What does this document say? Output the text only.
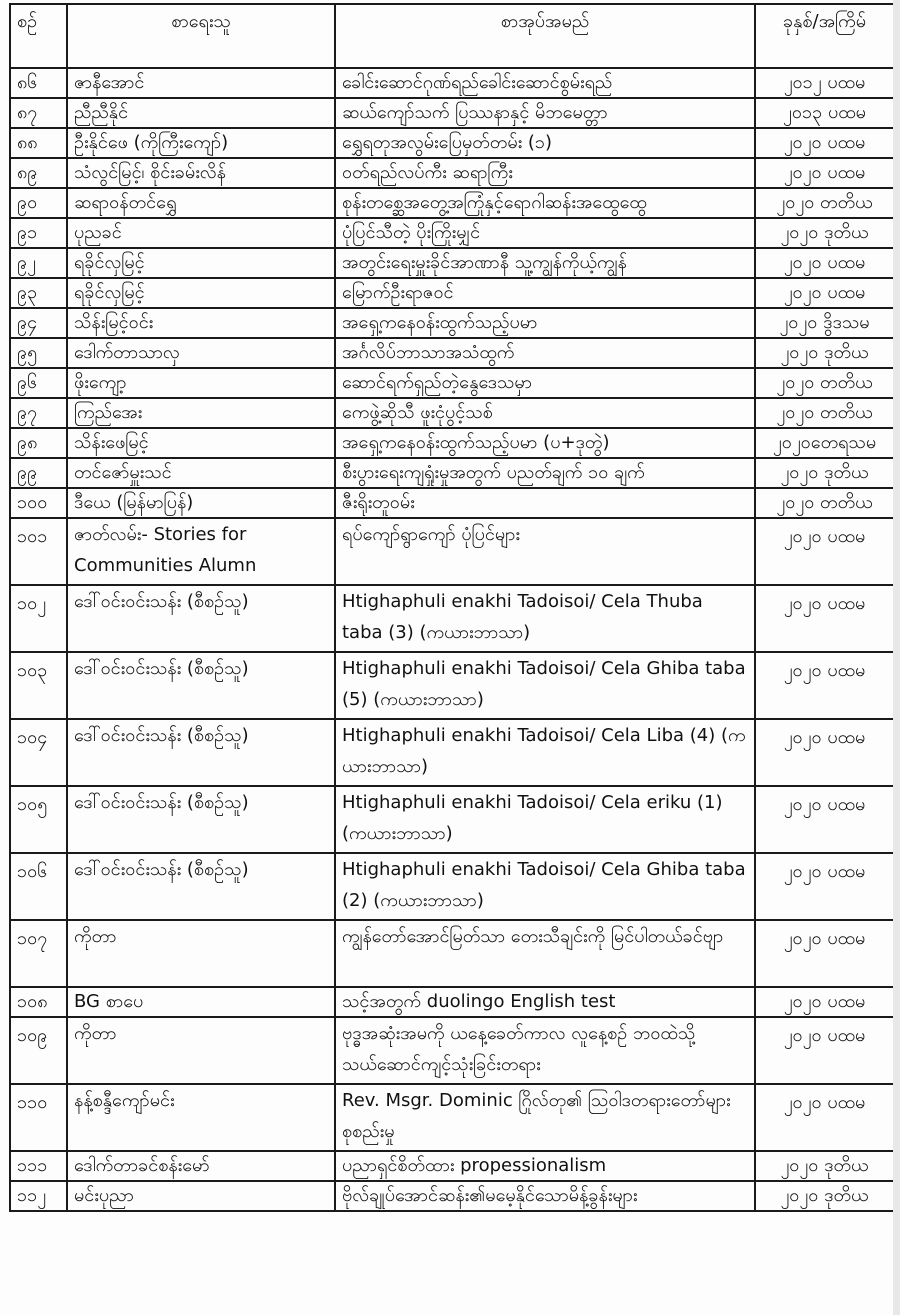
စဉ်	စာရေးသူ	စာအုပ်အမည်	ခုနှစ်/အကြိမ်
၈၆	ဇာနီအောင်	ခေါင်းဆောင်ဂုဏ်ရည်ခေါင်းဆောင်စွမ်းရည်	၂၀၁၂ ပထမ
၈၇	ညီညီနိုင်	ဆယ်ကျော်သက် ပြဿနာနှင့် မိဘမေတ္တာ	၂၀၁၃ ပထမ
၈၈	ဦးနိုင်ဖေ (ကိုကြီးကျော်)	ရွှေရတုအလွမ်းပြေမှတ်တမ်း (၁)	၂၀၂၀ ပထမ
၈၉	သံလွင်မြင့်၊ စိုင်းခမ်းလိန်	ဝတ်ရည်လပ်ကီး ဆရာကြီး	၂၀၂၀ ပထမ
၉၀	ဆရာဝန်တင်ရွှေ	စုန်းတစ္ဆေအတွေ့အကြုံနှင့်ရောဂါဆန်းအထွေထွေ	၂၀၂၀ တတိယ
၉၁	ပုညခင်	ပုံပြင်သီတဲ့ ပိုးကြိုးမျှင်	၂၀၂၀ ဒုတိယ
၉၂	ရခိုင်လှမြင့်	အတွင်းရေးမှူးခိုင်အာဏာနီ သူ့ကျွန်ကိုယ့်ကျွန်	၂၀၂၀ ပထမ
၉၃	ရခိုင်လှမြင့်	မြောက်ဦးရာဇဝင်	၂၀၂၀ ပထမ
၉၄	သိန်းမြင့်ဝင်း	အရှေ့ကနေဝန်းထွက်သည့်ပမာ	၂၀၂၀ ဒွိဒသမ
၉၅	ဒေါက်တာသာလှ	အင်္ဂလိပ်ဘာသာအသံထွက်	၂၀၂၀ ဒုတိယ
၉၆	ဖိုးကျော့	ဆောင်ရက်ရှည်တဲ့နွေဒေသမှာ	၂၀၂၀ တတိယ
၉၇	ကြည်အေး	ကေဖွဲ့ဆိုသီ ဖူးငုံပွင့်သစ်	၂၀၂၀ တတိယ
၉၈	သိန်းဖေမြင့်	အရှေ့ကနေဝန်းထွက်သည့်ပမာ (ပ+ဒုတွဲ)	၂၀၂၀တေရသမ
၉၉	တင်ဇော်မှူးသင်	စီးပွားရေးကျရှုံးမှုအတွက် ပညတ်ချက် ၁၀ ချက်	၂၀၂၀ ဒုတိယ
၁၀၀	ဒီယေ (မြန်မာပြန်)	ဇီးရိုးတူဝမ်း	၂၀၂၀ တတိယ
၁၀၁	ဇာတ်လမ်း- Stories for Communities Alumn	ရပ်ကျော်ရွာကျော် ပုံပြင်များ	၂၀၂၀ ပထမ
၁၀၂	ဒေါ်ဝင်းဝင်းသန်း (စီစဉ်သူ)	Htighaphuli enakhi Tadoisoi/ Cela Thuba taba (3) (ကယားဘာသာ)	၂၀၂၀ ပထမ
၁၀၃	ဒေါ်ဝင်းဝင်းသန်း (စီစဉ်သူ)	Htighaphuli enakhi Tadoisoi/ Cela Ghiba taba (5) (ကယားဘာသာ)	၂၀၂၀ ပထမ
၁၀၄	ဒေါ်ဝင်းဝင်းသန်း (စီစဉ်သူ)	Htighaphuli enakhi Tadoisoi/ Cela Liba (4) (ကယားဘာသာ)	၂၀၂၀ ပထမ
၁၀၅	ဒေါ်ဝင်းဝင်းသန်း (စီစဉ်သူ)	Htighaphuli enakhi Tadoisoi/ Cela eriku (1) (ကယားဘာသာ)	၂၀၂၀ ပထမ
၁၀၆	ဒေါ်ဝင်းဝင်းသန်း (စီစဉ်သူ)	Htighaphuli enakhi Tadoisoi/ Cela Ghiba taba (2) (ကယားဘာသာ)	၂၀၂၀ ပထမ
၁၀၇	ကိုတာ	ကျွန်တော်အောင်မြတ်သာ တေးသီချင်းကို မြင်ပါတယ်ခင်ဗျာ	၂၀၂၀ ပထမ
၁၀၈	BG စာပေ	သင့်အတွက် duolingo English test	၂၀၂၀ ပထမ
၁၀၉	ကိုတာ	ဗုဒ္ဓအဆုံးအမကို ယနေ့ခေတ်ကာလ လူနေ့စဉ် ဘဝထဲသို့ သယ်ဆောင်ကျင့်သုံးခြင်းတရား	၂၀၂၀ ပထမ
၁၁၀	နန့်စန္ဒီကျော်မင်း	Rev. Msgr. Dominic ဂြိုလ်တု၏ ဩဝါဒတရားတော်များ စုစည်းမှု	၂၀၂၀ ပထမ
၁၁၁	ဒေါက်တာခင်စန်းမော်	ပညာရှင်စိတ်ထား propessionalism	၂၀၂၀ ဒုတိယ
၁၁၂	မင်းပုညာ	ဗိုလ်ချုပ်အောင်ဆန်း၏မမေ့နိုင်သောမိန့်ခွန်းများ	၂၀၂၀ ဒုတိယ
